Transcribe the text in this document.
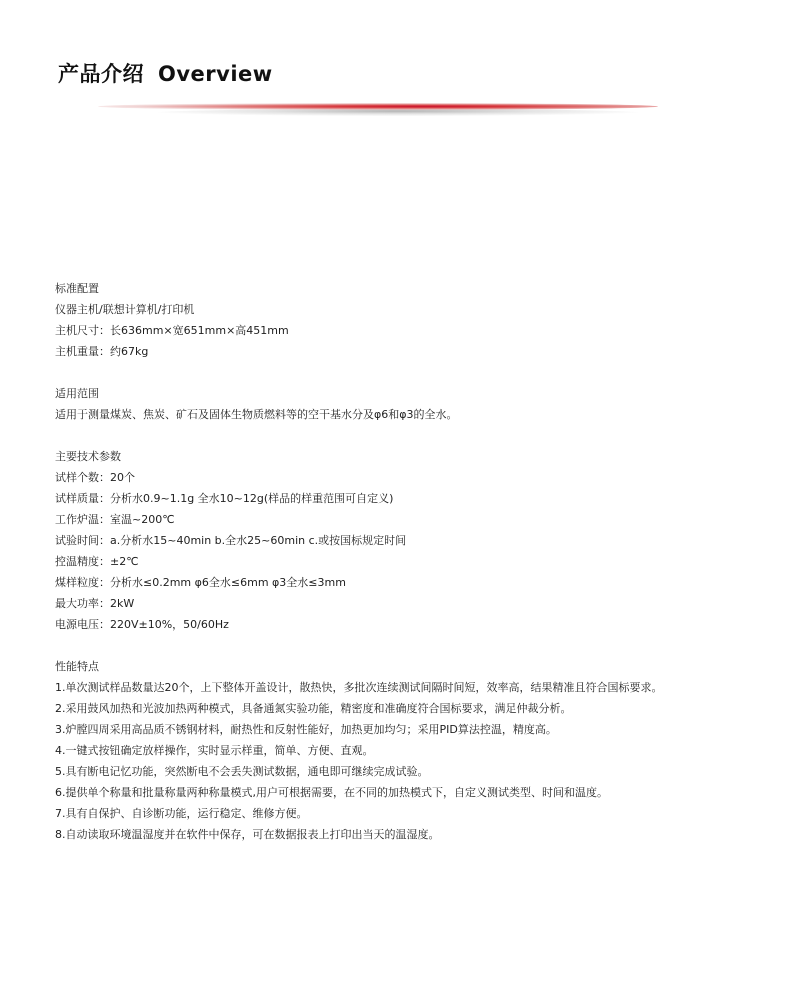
产品介绍 Overview
标准配置
仪器主机/联想计算机/打印机
主机尺寸：长636mm×宽651mm×高451mm
主机重量：约67kg
适用范围
适用于测量煤炭、焦炭、矿石及固体生物质燃料等的空干基水分及φ6和φ3的全水。
主要技术参数
试样个数：20个
试样质量：分析水0.9~1.1g 全水10~12g(样品的样重范围可自定义)
工作炉温：室温~200℃
试验时间：a.分析水15~40min b.全水25~60min c.或按国标规定时间
控温精度：±2℃
煤样粒度：分析水≤0.2mm φ6全水≤6mm φ3全水≤3mm
最大功率：2kW
电源电压：220V±10%，50/60Hz
性能特点
1.单次测试样品数量达20个，上下整体开盖设计，散热快，多批次连续测试间隔时间短，效率高，结果精准且符合国标要求。
2.采用鼓风加热和光波加热两种模式，具备通氮实验功能，精密度和准确度符合国标要求，满足仲裁分析。
3.炉膛四周采用高品质不锈钢材料，耐热性和反射性能好，加热更加均匀；采用PID算法控温，精度高。
4.一键式按钮确定放样操作，实时显示样重，简单、方便、直观。
5.具有断电记忆功能，突然断电不会丢失测试数据，通电即可继续完成试验。
6.提供单个称量和批量称量两种称量模式,用户可根据需要，在不同的加热模式下，自定义测试类型、时间和温度。
7.具有自保护、自诊断功能，运行稳定、维修方便。
8.自动读取环境温湿度并在软件中保存，可在数据报表上打印出当天的温湿度。
